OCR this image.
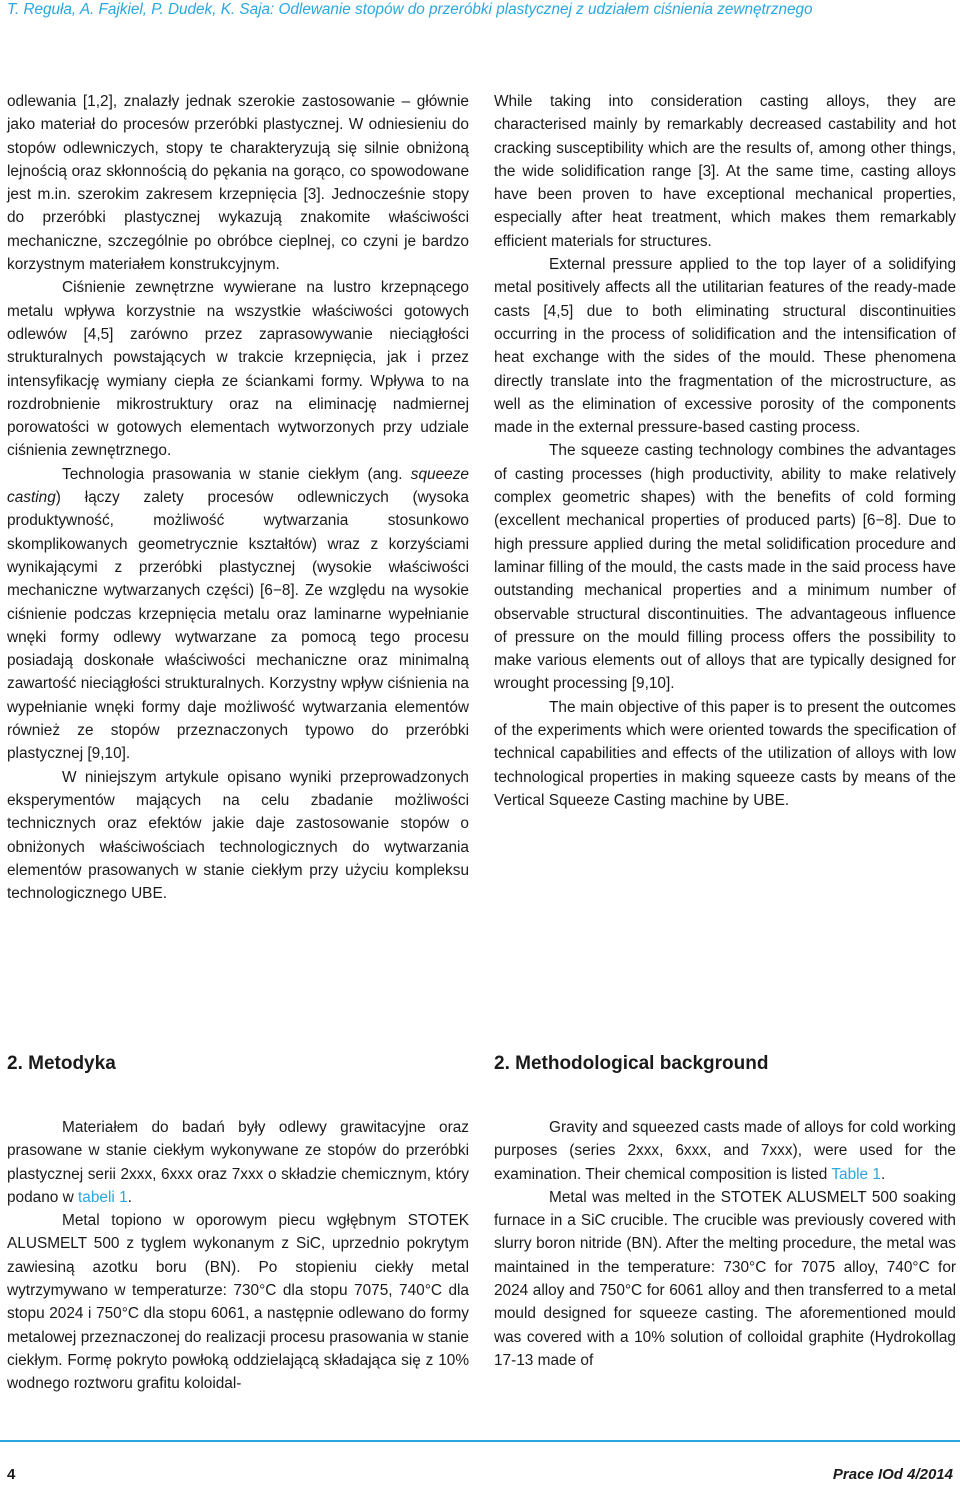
T. Reguła, A. Fajkiel, P. Dudek, K. Saja: Odlewanie stopów do przeróbki plastycznej z udziałem ciśnienia zewnętrznego

odlewania [1,2], znalazły jednak szerokie zastosowanie – głównie jako materiał do procesów przeróbki plastycznej. W odniesieniu do stopów odlewniczych, stopy te charakteryzują się silnie obniżoną lejnością oraz skłonnością do pękania na gorąco, co spowodowane jest m.in. szerokim zakresem krzepnięcia [3]. Jednocześnie stopy do przeróbki plastycznej wykazują znakomite właściwości mechaniczne, szczególnie po obróbce cieplnej, co czyni je bardzo korzystnym materiałem konstrukcyjnym.

Ciśnienie zewnętrzne wywierane na lustro krzepnącego metalu wpływa korzystnie na wszystkie właściwości gotowych odlewów [4,5] zarówno przez zaprasowywanie nieciągłości strukturalnych powstających w trakcie krzepnięcia, jak i przez intensyfikację wymiany ciepła ze ściankami formy. Wpływa to na rozdrobnienie mikrostruktury oraz na eliminację nadmiernej porowatości w gotowych elementach wytworzonych przy udziale ciśnienia zewnętrznego.

Technologia prasowania w stanie ciekłym (ang. squeeze casting) łączy zalety procesów odlewniczych (wysoka produktywność, możliwość wytwarzania stosunkowo skomplikowanych geometrycznie kształtów) wraz z korzyściami wynikającymi z przeróbki plastycznej (wysokie właściwości mechaniczne wytwarzanych części) [6−8]. Ze względu na wysokie ciśnienie podczas krzepnięcia metalu oraz laminarne wypełnianie wnęki formy odlewy wytwarzane za pomocą tego procesu posiadają doskonałe właściwości mechaniczne oraz minimalną zawartość nieciągłości strukturalnych. Korzystny wpływ ciśnienia na wypełnianie wnęki formy daje możliwość wytwarzania elementów również ze stopów przeznaczonych typowo do przeróbki plastycznej [9,10].

W niniejszym artykule opisano wyniki przeprowadzonych eksperymentów mających na celu zbadanie możliwości technicznych oraz efektów jakie daje zastosowanie stopów o obniżonych właściwościach technologicznych do wytwarzania elementów prasowanych w stanie ciekłym przy użyciu kompleksu technologicznego UBE.

While taking into consideration casting alloys, they are characterised mainly by remarkably decreased castability and hot cracking susceptibility which are the results of, among other things, the wide solidification range [3]. At the same time, casting alloys have been proven to have exceptional mechanical properties, especially after heat treatment, which makes them remarkably efficient materials for structures.

External pressure applied to the top layer of a solidifying metal positively affects all the utilitarian features of the ready-made casts [4,5] due to both eliminating structural discontinuities occurring in the process of solidification and the intensification of heat exchange with the sides of the mould. These phenomena directly translate into the fragmentation of the microstructure, as well as the elimination of excessive porosity of the components made in the external pressure-based casting process.

The squeeze casting technology combines the advantages of casting processes (high productivity, ability to make relatively complex geometric shapes) with the benefits of cold forming (excellent mechanical properties of produced parts) [6−8]. Due to high pressure applied during the metal solidification procedure and laminar filling of the mould, the casts made in the said process have outstanding mechanical properties and a minimum number of observable structural discontinuities. The advantageous influence of pressure on the mould filling process offers the possibility to make various elements out of alloys that are typically designed for wrought processing [9,10].

The main objective of this paper is to present the outcomes of the experiments which were oriented towards the specification of technical capabilities and effects of the utilization of alloys with low technological properties in making squeeze casts by means of the Vertical Squeeze Casting machine by UBE.

2. Metodyka	2. Methodological background

Materiałem do badań były odlewy grawitacyjne oraz prasowane w stanie ciekłym wykonywane ze stopów do przeróbki plastycznej serii 2xxx, 6xxx oraz 7xxx o składzie chemicznym, który podano w tabeli 1.

Metal topiono w oporowym piecu wgłębnym STOTEK ALUSMELT 500 z tyglem wykonanym z SiC, uprzednio pokrytym zawiesiną azotku boru (BN). Po stopieniu ciekły metal wytrzymywano w temperaturze: 730°C dla stopu 7075, 740°C dla stopu 2024 i 750°C dla stopu 6061, a następnie odlewano do formy metalowej przeznaczonej do realizacji procesu prasowania w stanie ciekłym. Formę pokryto powłoką oddzielającą składająca się z 10% wodnego roztworu grafitu koloidal-

Gravity and squeezed casts made of alloys for cold working purposes (series 2xxx, 6xxx, and 7xxx), were used for the examination. Their chemical composition is listed Table 1.

Metal was melted in the STOTEK ALUSMELT 500 soaking furnace in a SiC crucible. The crucible was previously covered with slurry boron nitride (BN). After the melting procedure, the metal was maintained in the temperature: 730°C for 7075 alloy, 740°C for 2024 alloy and 750°C for 6061 alloy and then transferred to a metal mould designed for squeeze casting. The aforementioned mould was covered with a 10% solution of colloidal graphite (Hydrokollag 17-13 made of

4	Prace IOd 4/2014
